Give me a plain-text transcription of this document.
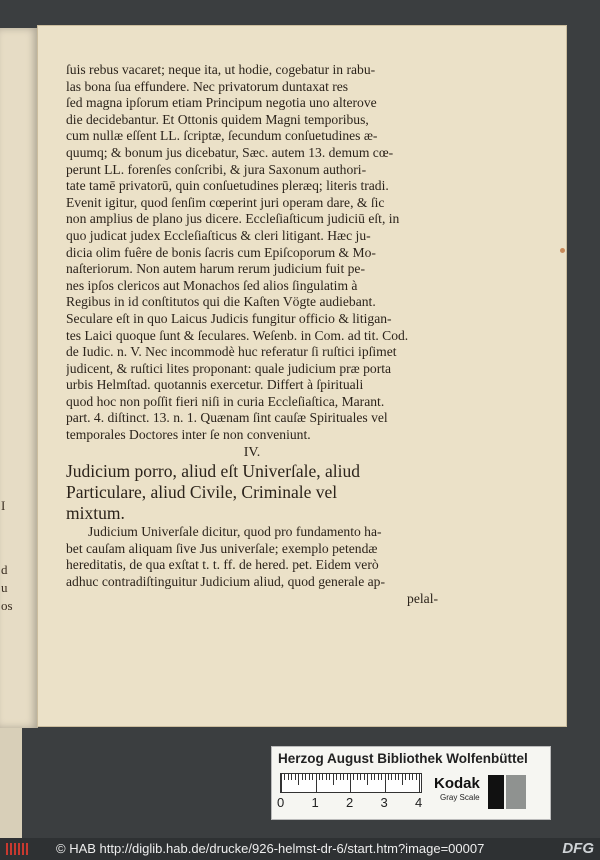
I
d
u
os
ſuis rebus vacaret; neque ita, ut hodie, cogebatur in rabu-
las bona ſua effundere. Nec privatorum duntaxat res
ſed magna ipſorum etiam Principum negotia uno alterove
die decidebantur. Et Ottonis quidem Magni temporibus,
cum nullæ eſſent LL. ſcriptæ, ſecundum conſuetudines æ-
quumq; & bonum jus dicebatur, Sæc. autem 13. demum cœ-
perunt LL. forenſes conſcribi, & jura Saxonum authori-
tate tamē privatorū, quin conſuetudines pleræq; literis tradi.
Evenit igitur, quod ſenſim cœperint juri operam dare, & ſic
non amplius de plano jus dicere. Eccleſiaſticum judiciū eſt, in
quo judicat judex Eccleſiaſticus & cleri litigant. Hæc ju-
dicia olim fuêre de bonis ſacris cum Epiſcoporum & Mo-
naſteriorum. Non autem harum rerum judicium fuit pe-
nes ipſos clericos aut Monachos ſed alios ſingulatim à
Regibus in id conſtitutos qui die Kaſten Vögte audiebant.
Seculare eſt in quo Laicus Judicis fungitur officio & litigan-
tes Laici quoque ſunt & ſeculares. Weſenb. in Com. ad tit. Cod.
de Iudic. n. V. Nec incommodè huc referatur ſi ruſtici ipſimet
judicent, & ruſtici lites proponant: quale judicium præ porta
urbis Helmſtad. quotannis exercetur. Differt à ſpirituali
quod hoc non poſſit fieri niſi in curia Eccleſiaſtica, Marant.
part. 4. diſtinct. 13. n. 1. Quænam ſint cauſæ Spirituales vel
temporales Doctores inter ſe non conveniunt.
IV.
Judicium porro, aliud eſt Univerſale, aliud
Particulare, aliud Civile, Criminale vel
mixtum.
Judicium Univerſale dicitur, quod pro fundamento ha-
bet cauſam aliquam ſive Jus univerſale; exemplo petendæ
hereditatis, de qua exſtat t. t. ff. de hered. pet. Eidem verò
adhuc contradiſtinguitur Judicium aliud, quod generale ap-
pelal-
Herzog August Bibliothek Wolfenbüttel
0 1 2 3 4
Kodak
Gray Scale
© HAB http://diglib.hab.de/drucke/926-helmst-dr-6/start.htm?image=00007	DFG
